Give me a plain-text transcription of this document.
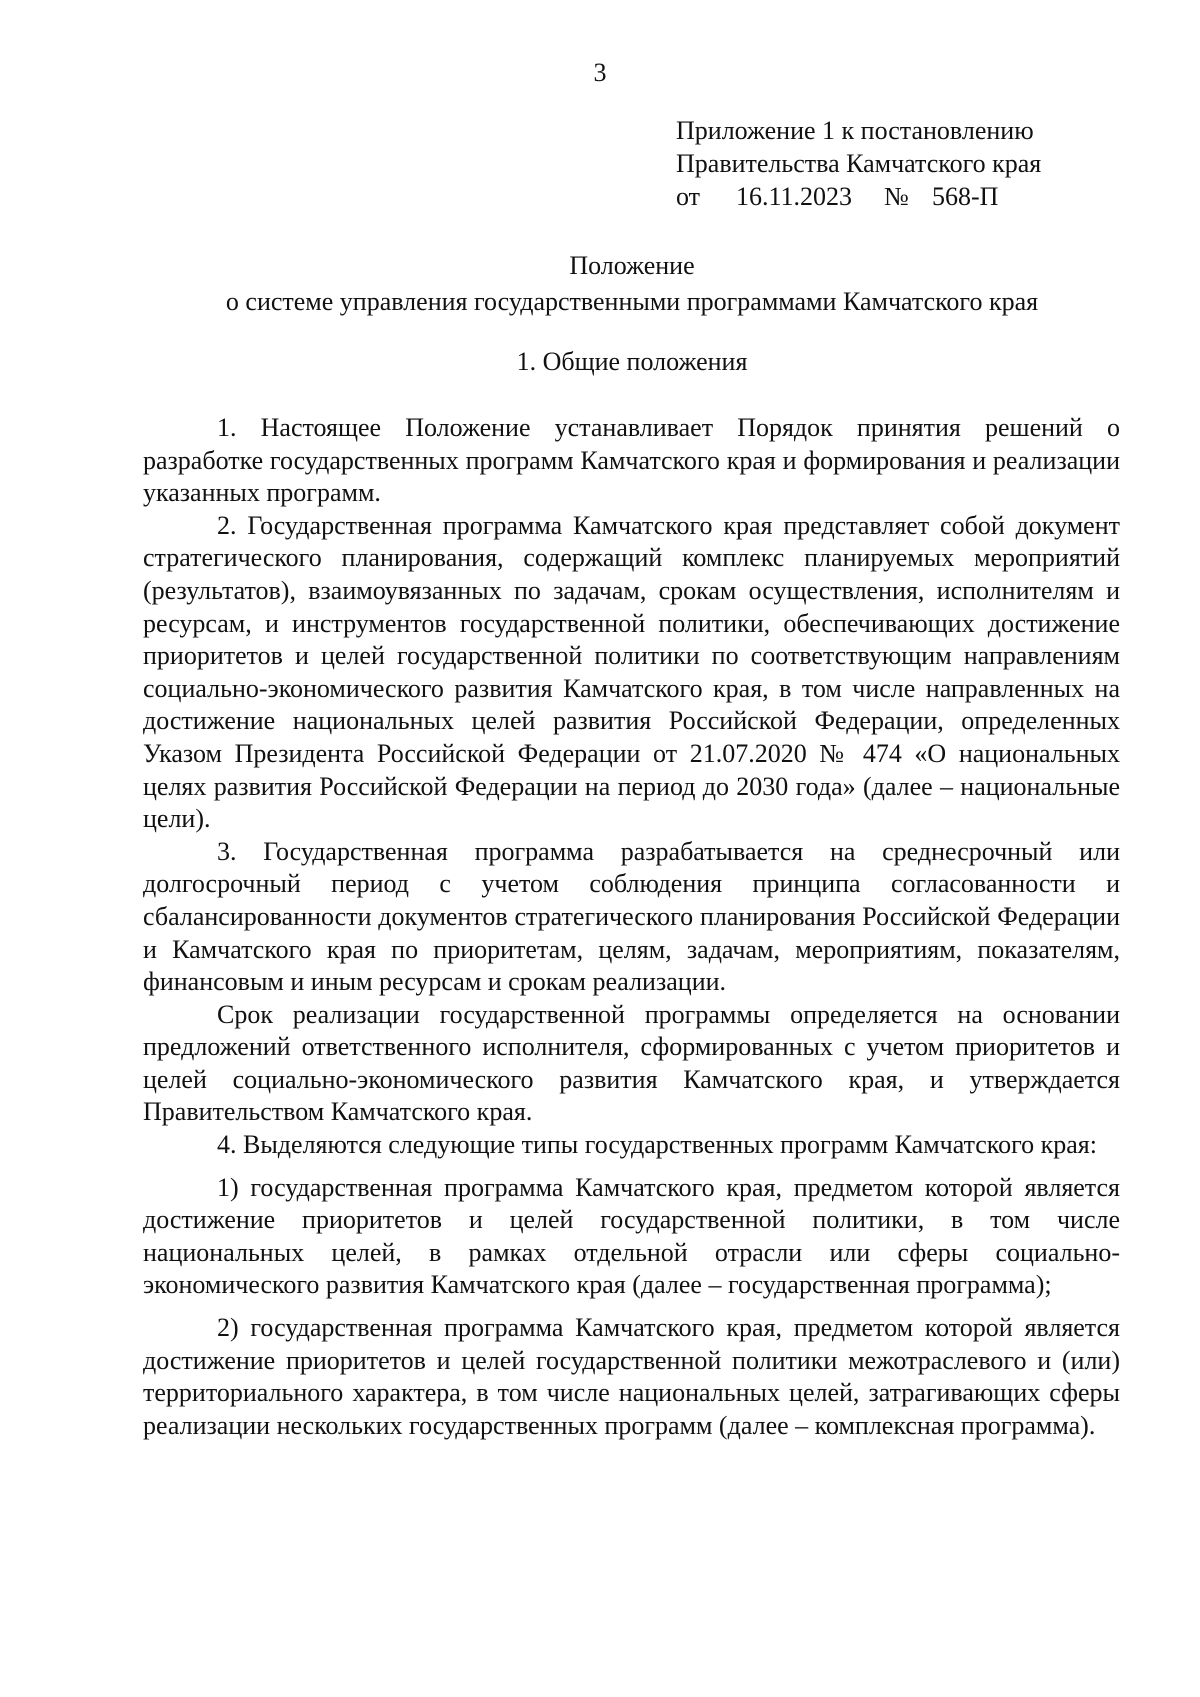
3
Приложение 1 к постановлению
Правительства Камчатского края
от	16.11.2023	№ 568-П
Положение
о системе управления государственными программами Камчатского края
1. Общие положения

1. Настоящее Положение устанавливает Порядок принятия решений о разработке государственных программ Камчатского края и формирования и реализации указанных программ.

2. Государственная программа Камчатского края представляет собой документ стратегического планирования, содержащий комплекс планируемых мероприятий (результатов), взаимоувязанных по задачам, срокам осуществления, исполнителям и ресурсам, и инструментов государственной политики, обеспечивающих достижение приоритетов и целей государственной политики по соответствующим направлениям социально-экономического развития Камчатского края, в том числе направленных на достижение национальных целей развития Российской Федерации, определенных Указом Президента Российской Федерации от 21.07.2020 № 474 «О национальных целях развития Российской Федерации на период до 2030 года» (далее – национальные цели).

3. Государственная программа разрабатывается на среднесрочный или долгосрочный период с учетом соблюдения принципа согласованности и сбалансированности документов стратегического планирования Российской Федерации и Камчатского края по приоритетам, целям, задачам, мероприятиям, показателям, финансовым и иным ресурсам и срокам реализации.

Срок реализации государственной программы определяется на основании предложений ответственного исполнителя, сформированных с учетом приоритетов и целей социально-экономического развития Камчатского края, и утверждается Правительством Камчатского края.

4. Выделяются следующие типы государственных программ Камчатского края:

1) государственная программа Камчатского края, предметом которой является достижение приоритетов и целей государственной политики, в том числе национальных целей, в рамках отдельной отрасли или сферы социально-экономического развития Камчатского края (далее – государственная программа);

2) государственная программа Камчатского края, предметом которой является достижение приоритетов и целей государственной политики межотраслевого и (или) территориального характера, в том числе национальных целей, затрагивающих сферы реализации нескольких государственных программ (далее – комплексная программа).
